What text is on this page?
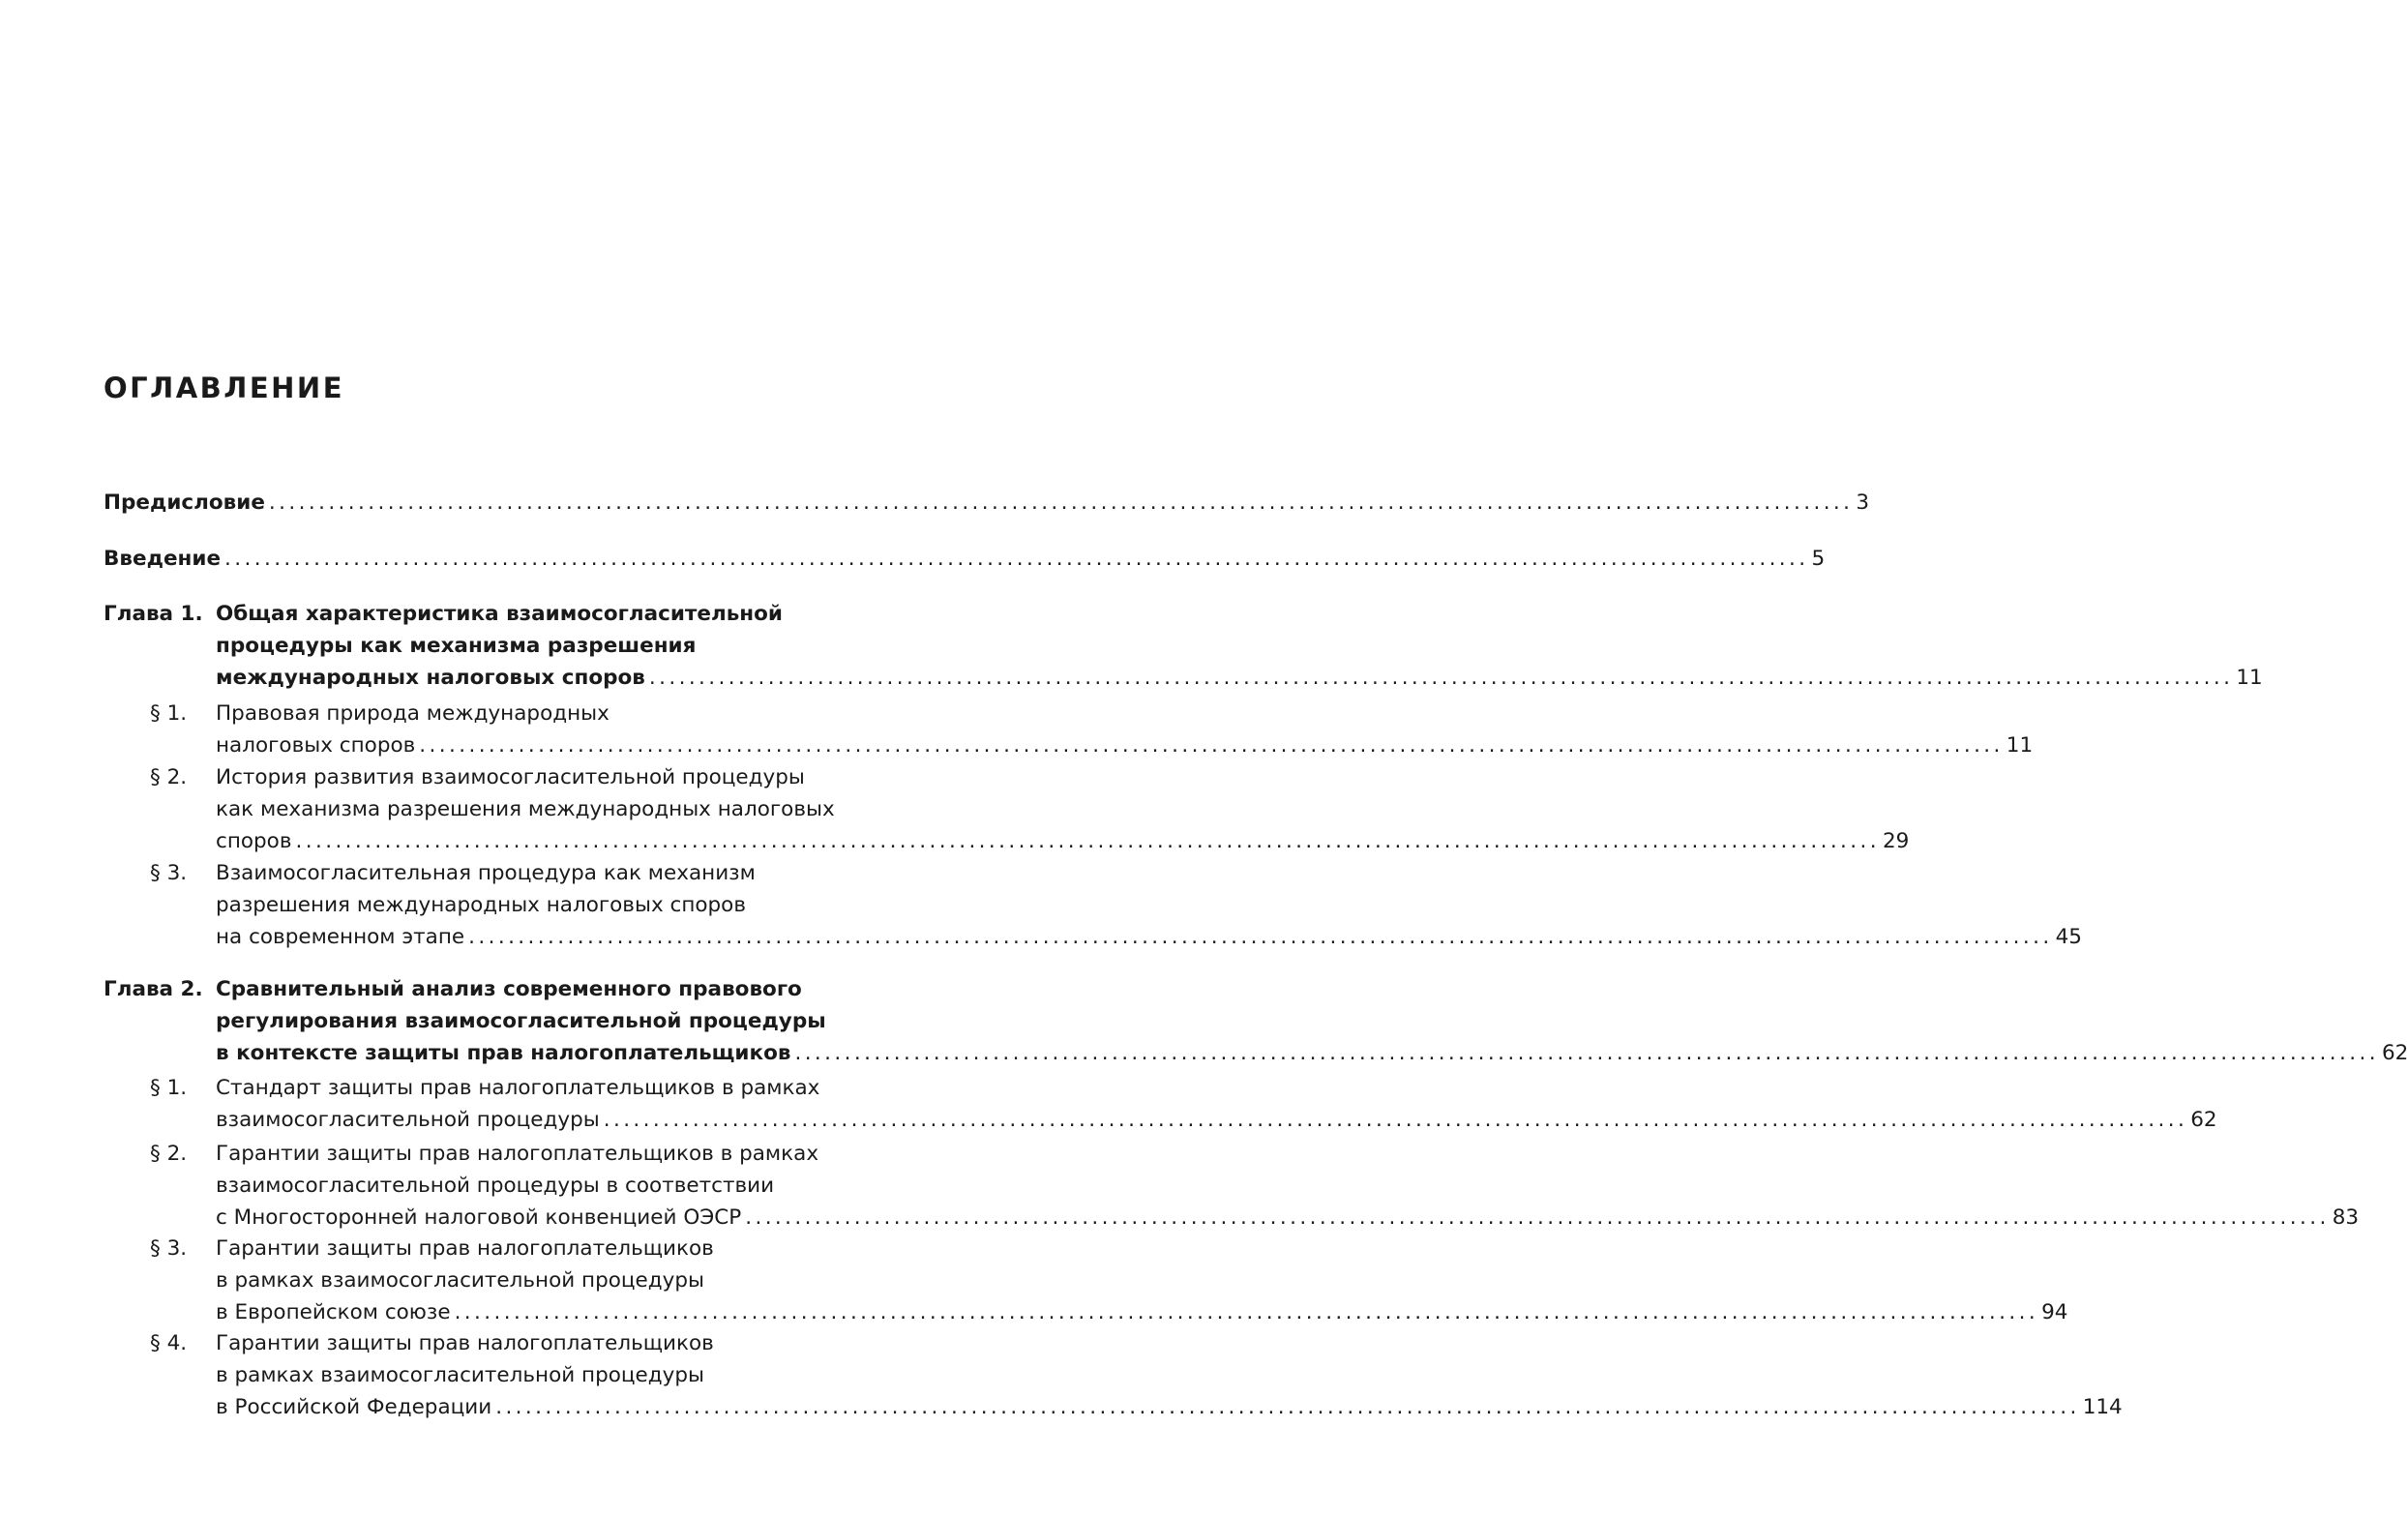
ОГЛАВЛЕНИЕ
Предисловие ................................................................................................................................................................ 3
Введение ................................................................................................................................................................ 5
Глава 1. Общая характеристика взаимосогласительной
процедуры как механизма разрешения
международных налоговых споров ................................................................................................................................................................ 11
§ 1. Правовая природа международных
налоговых споров ................................................................................................................................................................ 11
§ 2. История развития взаимосогласительной процедуры
как механизма разрешения международных налоговых
споров ................................................................................................................................................................ 29
§ 3. Взаимосогласительная процедура как механизм
разрешения международных налоговых споров
на современном этапе ................................................................................................................................................................ 45
Глава 2. Сравнительный анализ современного правового
регулирования взаимосогласительной процедуры
в контексте защиты прав налогоплательщиков ................................................................................................................................................................ 62
§ 1. Стандарт защиты прав налогоплательщиков в рамках
взаимосогласительной процедуры ................................................................................................................................................................ 62
§ 2. Гарантии защиты прав налогоплательщиков в рамках
взаимосогласительной процедуры в соответствии
с Многосторонней налоговой конвенцией ОЭСР ................................................................................................................................................................ 83
§ 3. Гарантии защиты прав налогоплательщиков
в рамках взаимосогласительной процедуры
в Европейском союзе ................................................................................................................................................................ 94
§ 4. Гарантии защиты прав налогоплательщиков
в рамках взаимосогласительной процедуры
в Российской Федерации ................................................................................................................................................................ 114
